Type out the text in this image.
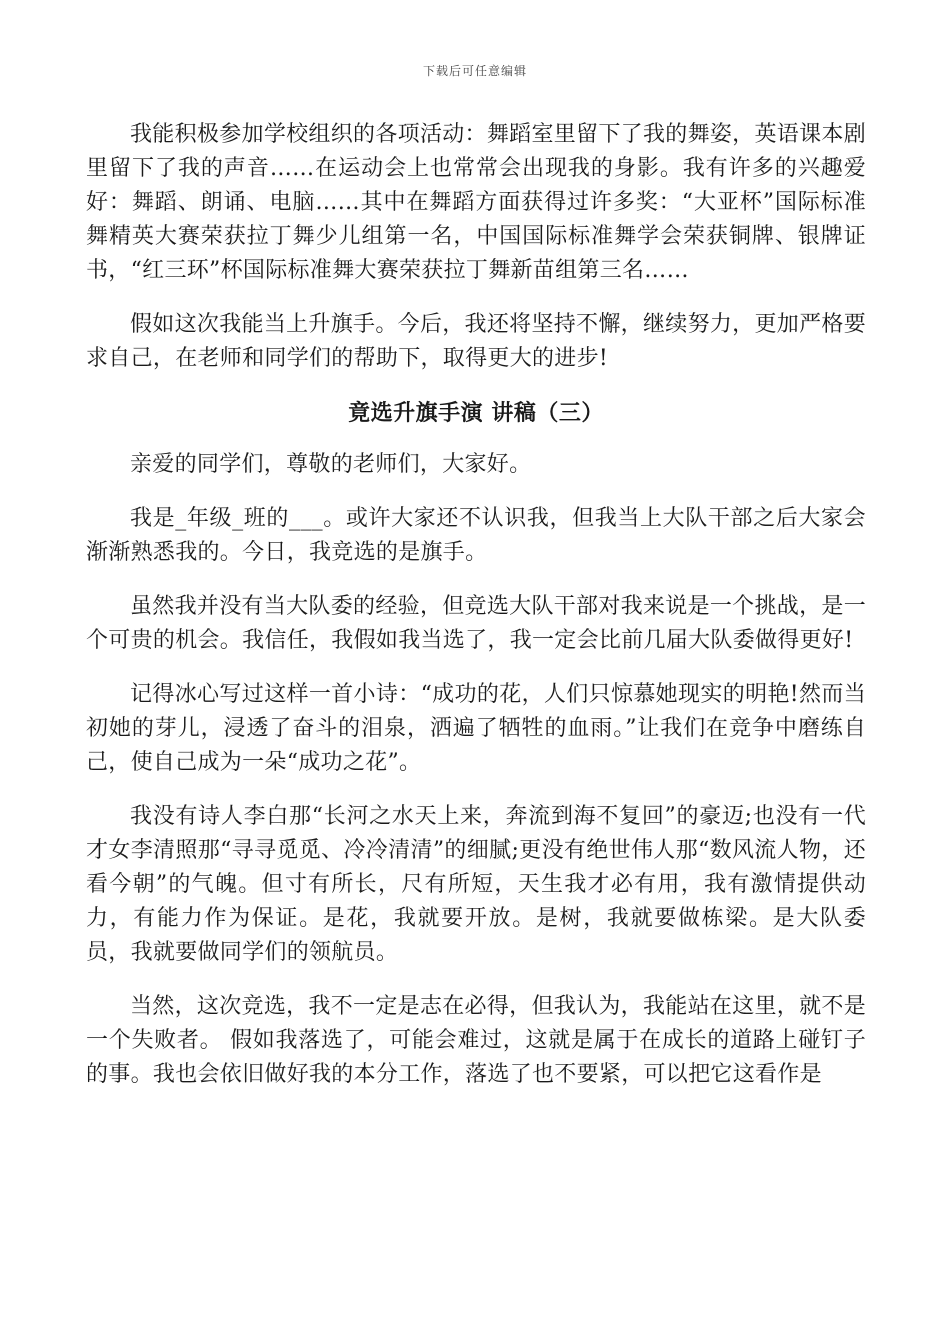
下载后可任意编辑

我能积极参加学校组织的各项活动：舞蹈室里留下了我的舞姿，英语课本剧里留下了我的声音……在运动会上也常常会出现我的身影。我有许多的兴趣爱好：舞蹈、朗诵、电脑……其中在舞蹈方面获得过许多奖：“大亚杯”国际标准舞精英大赛荣获拉丁舞少儿组第一名，中国国际标准舞学会荣获铜牌、银牌证书，“红三环”杯国际标准舞大赛荣获拉丁舞新苗组第三名……

假如这次我能当上升旗手。今后，我还将坚持不懈，继续努力，更加严格要求自己，在老师和同学们的帮助下，取得更大的进步!

竟选升旗手演 讲稿（三）

亲爱的同学们，尊敬的老师们，大家好。

我是_年级_班的___。或许大家还不认识我，但我当上大队干部之后大家会渐渐熟悉我的。今日，我竞选的是旗手。

虽然我并没有当大队委的经验，但竞选大队干部对我来说是一个挑战，是一个可贵的机会。我信任，我假如我当选了，我一定会比前几届大队委做得更好!

记得冰心写过这样一首小诗：“成功的花，人们只惊慕她现实的明艳!然而当初她的芽儿，浸透了奋斗的泪泉，洒遍了牺牲的血雨。”让我们在竞争中磨练自己，使自己成为一朵“成功之花”。

我没有诗人李白那“长河之水天上来，奔流到海不复回”的豪迈;也没有一代才女李清照那“寻寻觅觅、冷冷清清”的细腻;更没有绝世伟人那“数风流人物，还看今朝”的气魄。但寸有所长，尺有所短，天生我才必有用，我有激情提供动力，有能力作为保证。是花，我就要开放。是树，我就要做栋梁。是大队委员，我就要做同学们的领航员。

当然，这次竞选，我不一定是志在必得，但我认为，我能站在这里，就不是一个失败者。 假如我落选了，可能会难过，这就是属于在成长的道路上碰钉子的事。我也会依旧做好我的本分工作，落选了也不要紧，可以把它这看作是
